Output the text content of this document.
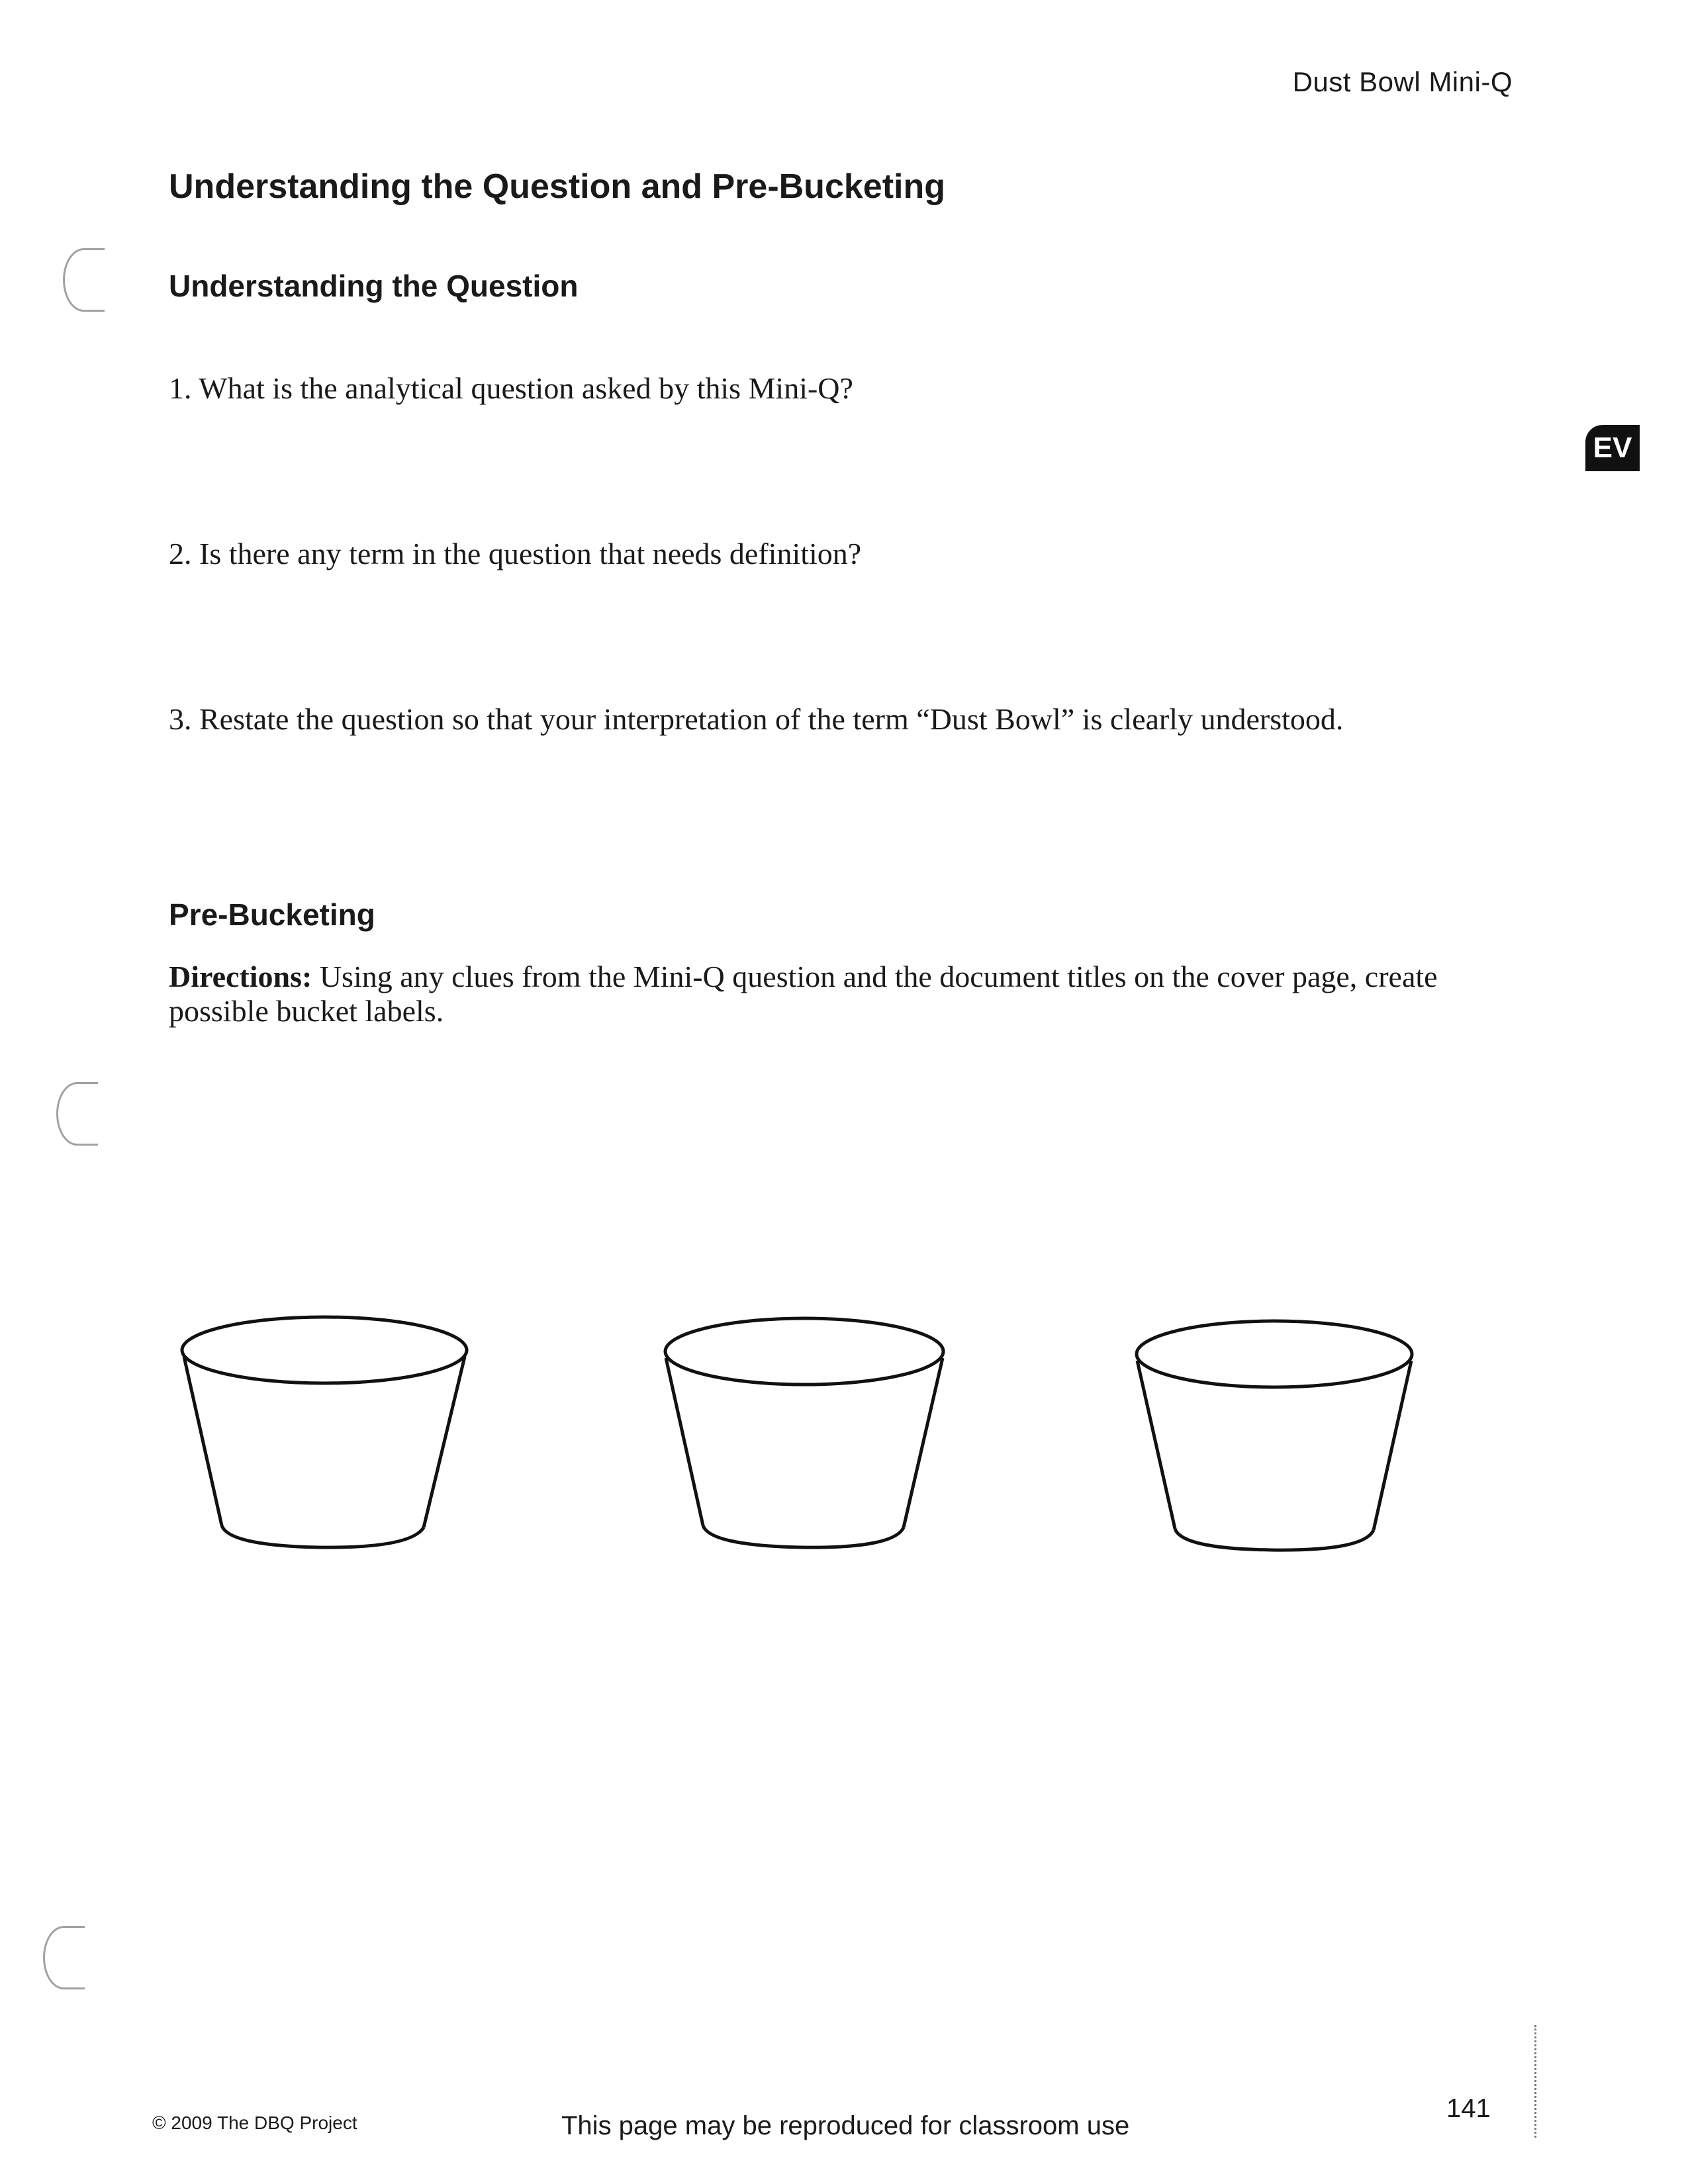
Dust Bowl Mini-Q
EV
Understanding the Question and Pre-Bucketing
Understanding the Question
1. What is the analytical question asked by this Mini-Q?
2. Is there any term in the question that needs definition?
3. Restate the question so that your interpretation of the term “Dust Bowl” is clearly understood.
Pre-Bucketing
Directions: Using any clues from the Mini-Q question and the document titles on the cover page, create possible bucket labels.
© 2009 The DBQ Project	This page may be reproduced for classroom use
141
